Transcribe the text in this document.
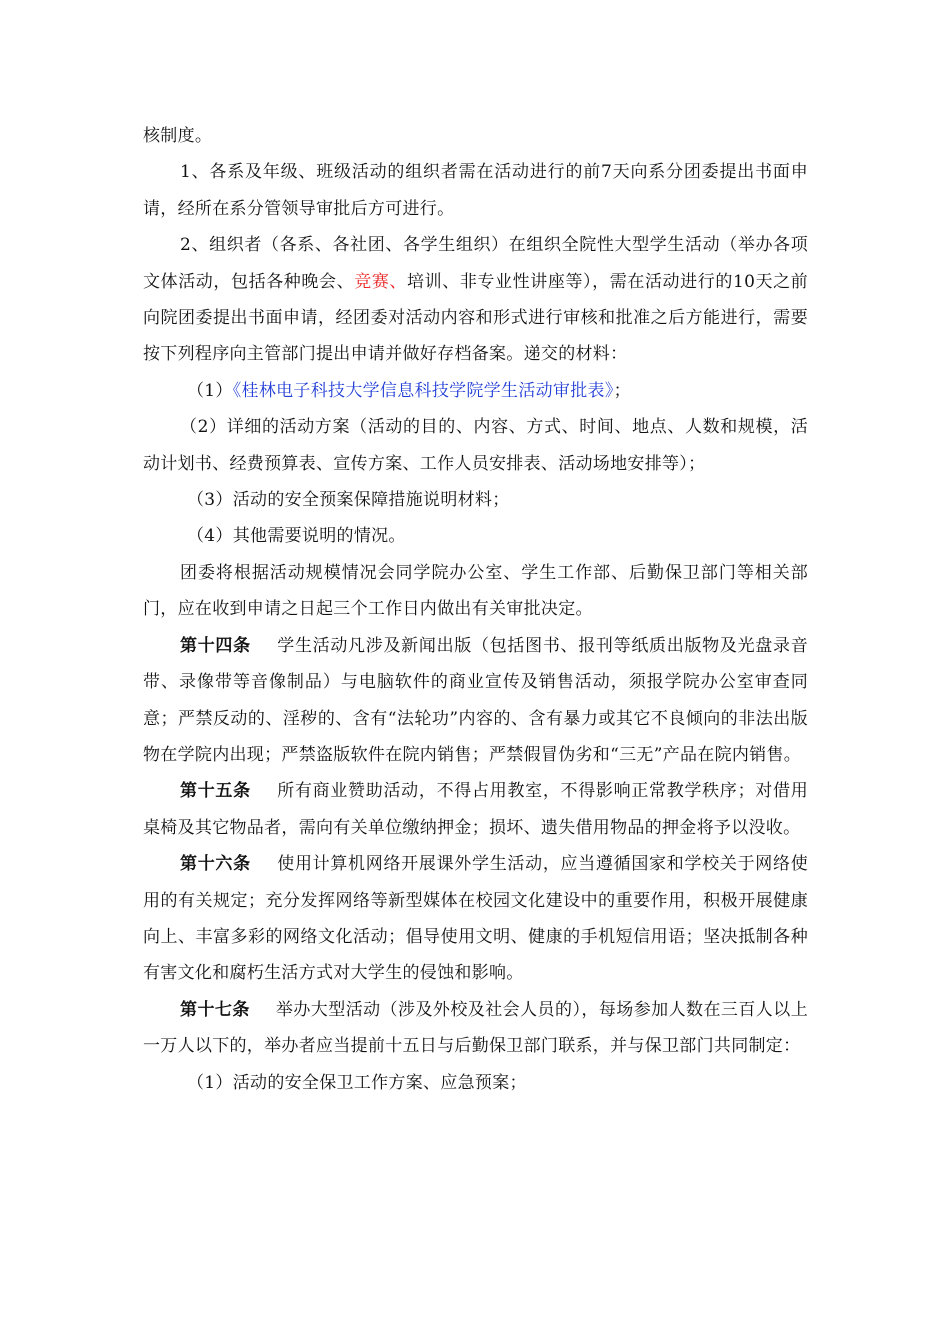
核制度。

1、各系及年级、班级活动的组织者需在活动进行的前7天向系分团委提出书面申请，经所在系分管领导审批后方可进行。

2、组织者（各系、各社团、各学生组织）在组织全院性大型学生活动（举办各项文体活动，包括各种晚会、竞赛、培训、非专业性讲座等），需在活动进行的10天之前向院团委提出书面申请，经团委对活动内容和形式进行审核和批准之后方能进行，需要按下列程序向主管部门提出申请并做好存档备案。递交的材料：

（1）《桂林电子科技大学信息科技学院学生活动审批表》；

（2）详细的活动方案（活动的目的、内容、方式、时间、地点、人数和规模，活动计划书、经费预算表、宣传方案、工作人员安排表、活动场地安排等）；

（3）活动的安全预案保障措施说明材料；

（4）其他需要说明的情况。

团委将根据活动规模情况会同学院办公室、学生工作部、后勤保卫部门等相关部门，应在收到申请之日起三个工作日内做出有关审批决定。

第十四条 学生活动凡涉及新闻出版（包括图书、报刊等纸质出版物及光盘录音带、录像带等音像制品）与电脑软件的商业宣传及销售活动，须报学院办公室审查同意；严禁反动的、淫秽的、含有“法轮功”内容的、含有暴力或其它不良倾向的非法出版物在学院内出现；严禁盗版软件在院内销售；严禁假冒伪劣和“三无”产品在院内销售。

第十五条 所有商业赞助活动，不得占用教室，不得影响正常教学秩序；对借用桌椅及其它物品者，需向有关单位缴纳押金；损坏、遗失借用物品的押金将予以没收。

第十六条 使用计算机网络开展课外学生活动，应当遵循国家和学校关于网络使用的有关规定；充分发挥网络等新型媒体在校园文化建设中的重要作用，积极开展健康向上、丰富多彩的网络文化活动；倡导使用文明、健康的手机短信用语；坚决抵制各种有害文化和腐朽生活方式对大学生的侵蚀和影响。

第十七条 举办大型活动（涉及外校及社会人员的），每场参加人数在三百人以上一万人以下的，举办者应当提前十五日与后勤保卫部门联系，并与保卫部门共同制定：

（1）活动的安全保卫工作方案、应急预案；
